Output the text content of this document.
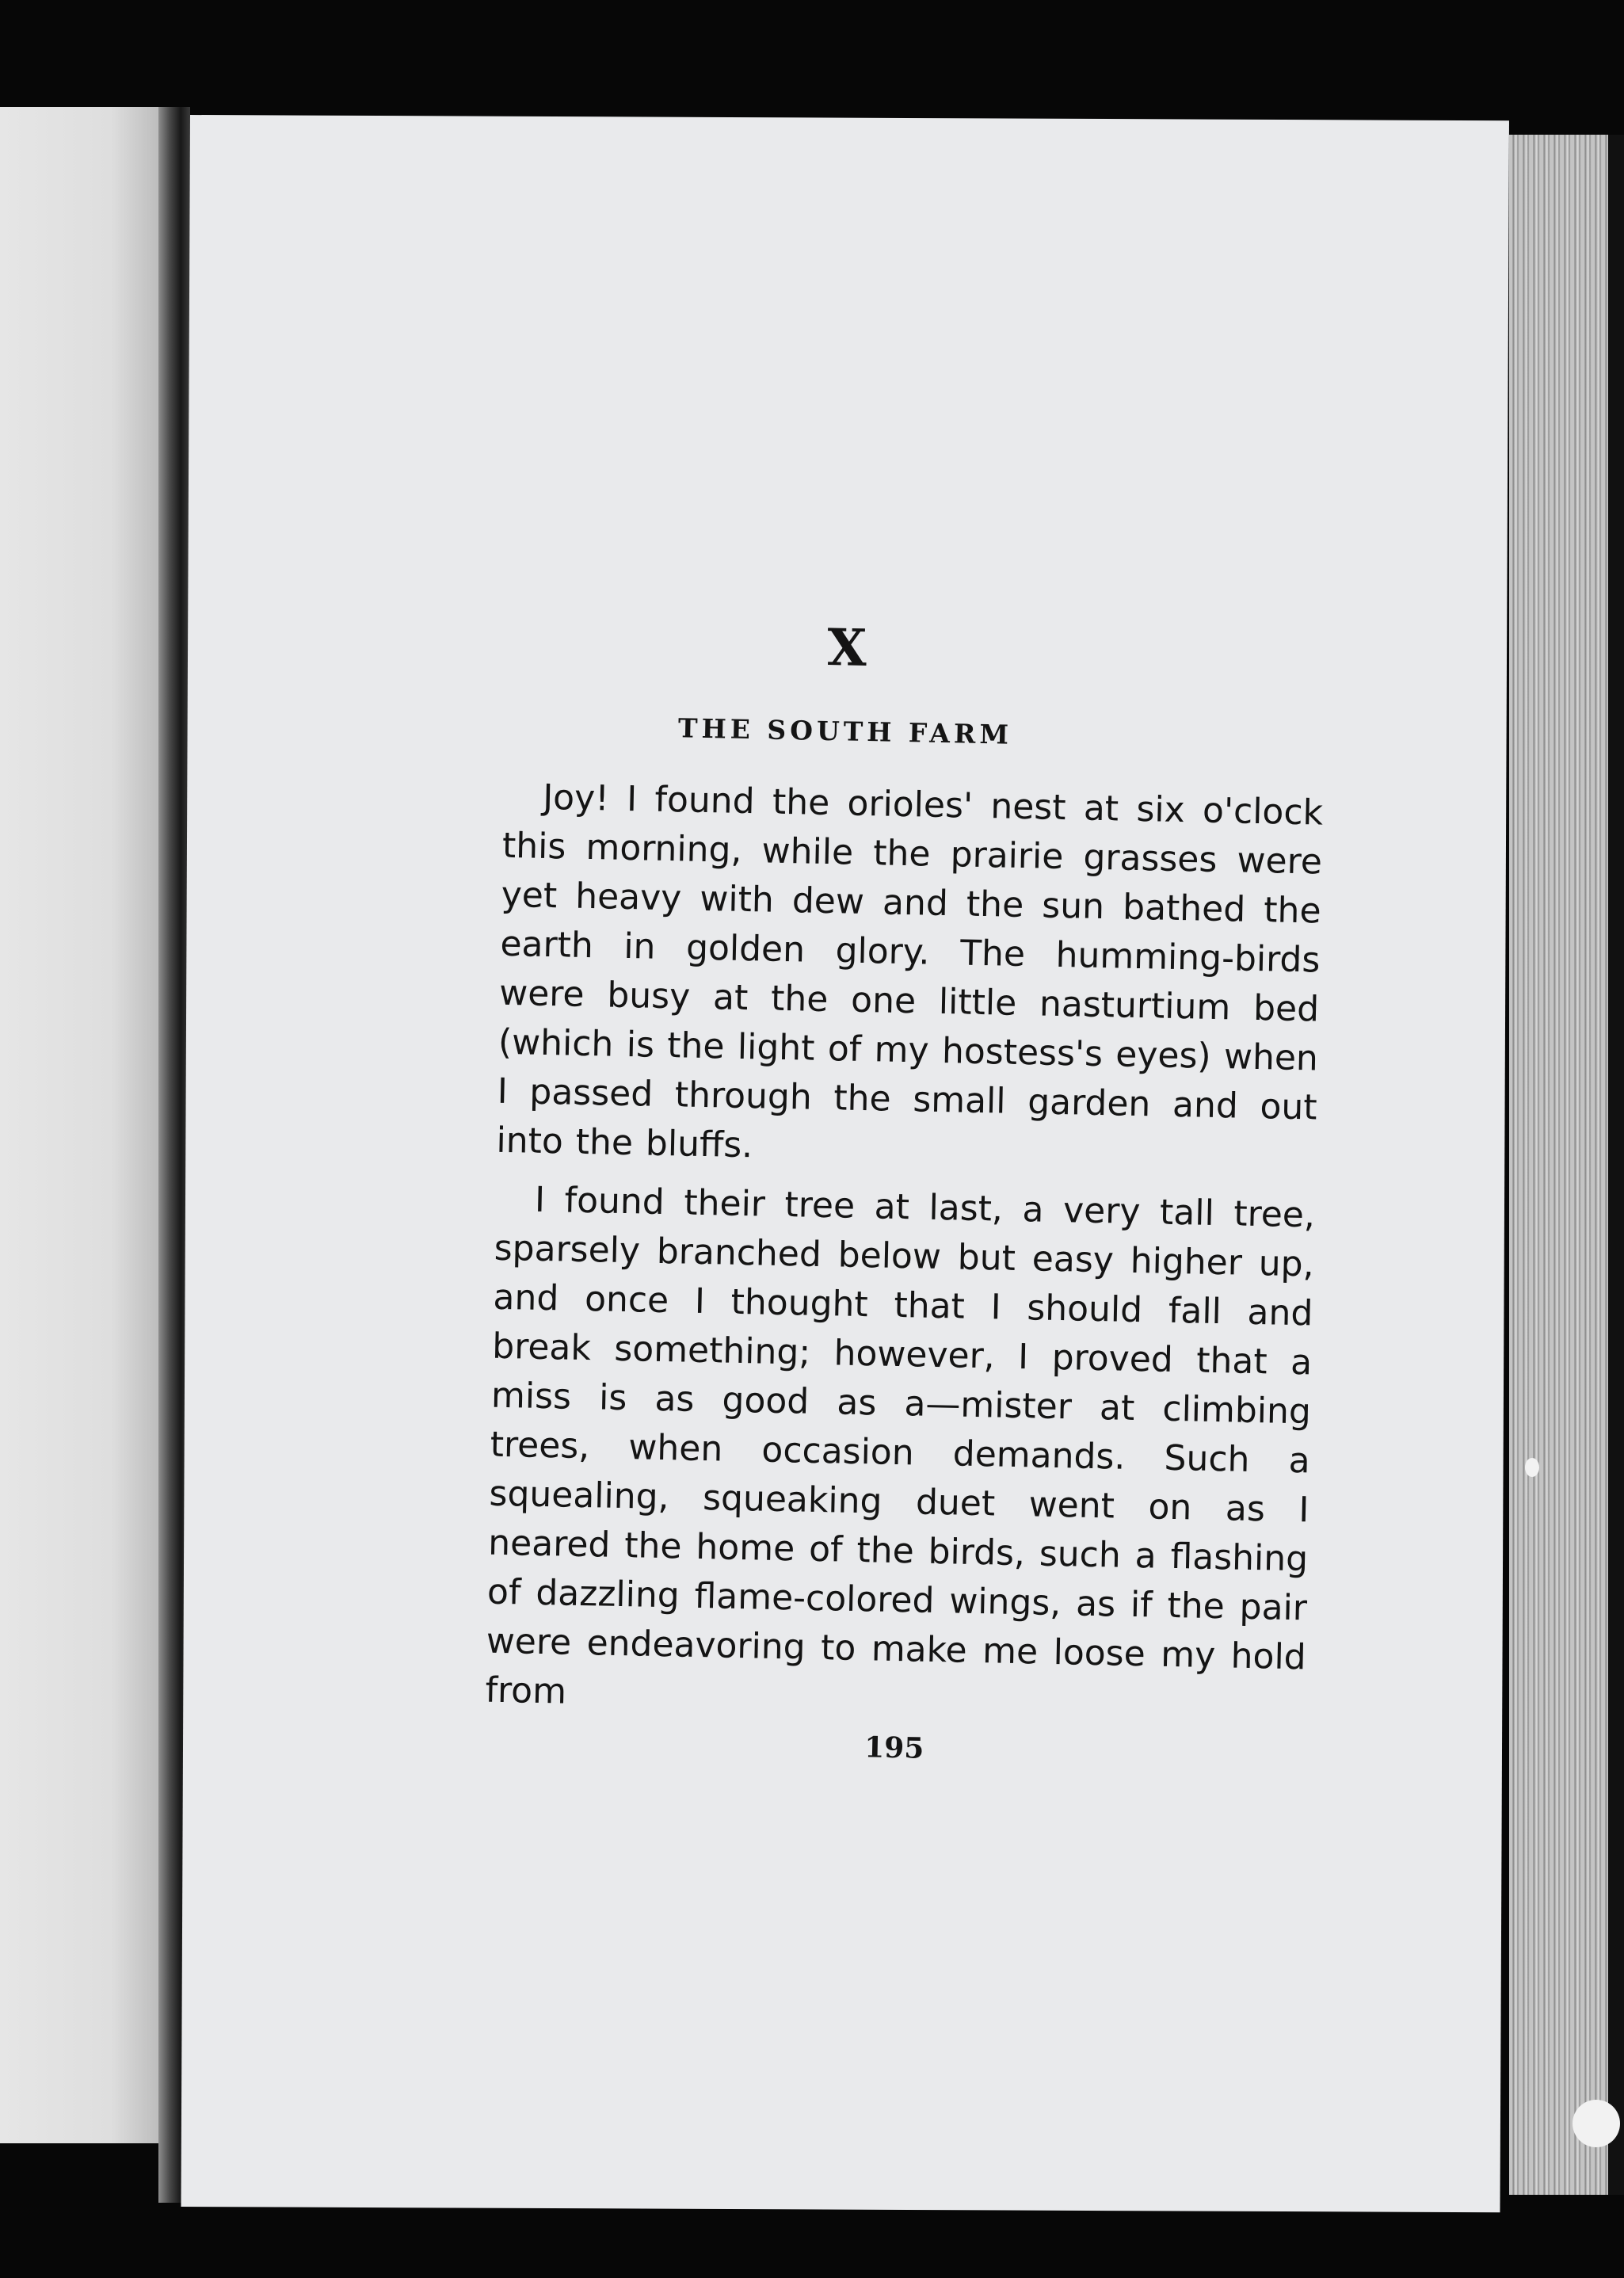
X
THE SOUTH FARM

Joy! I found the orioles' nest at six o'clock this morning, while the prairie grasses were yet heavy with dew and the sun bathed the earth in golden glory. The humming-birds were busy at the one little nasturtium bed (which is the light of my hostess's eyes) when I passed through the small garden and out into the bluffs.

I found their tree at last, a very tall tree, sparsely branched below but easy higher up, and once I thought that I should fall and break something; however, I proved that a miss is as good as a—mister at climbing trees, when occasion demands. Such a squealing, squeaking duet went on as I neared the home of the birds, such a flashing of dazzling flame-colored wings, as if the pair were endeavoring to make me loose my hold from

195
